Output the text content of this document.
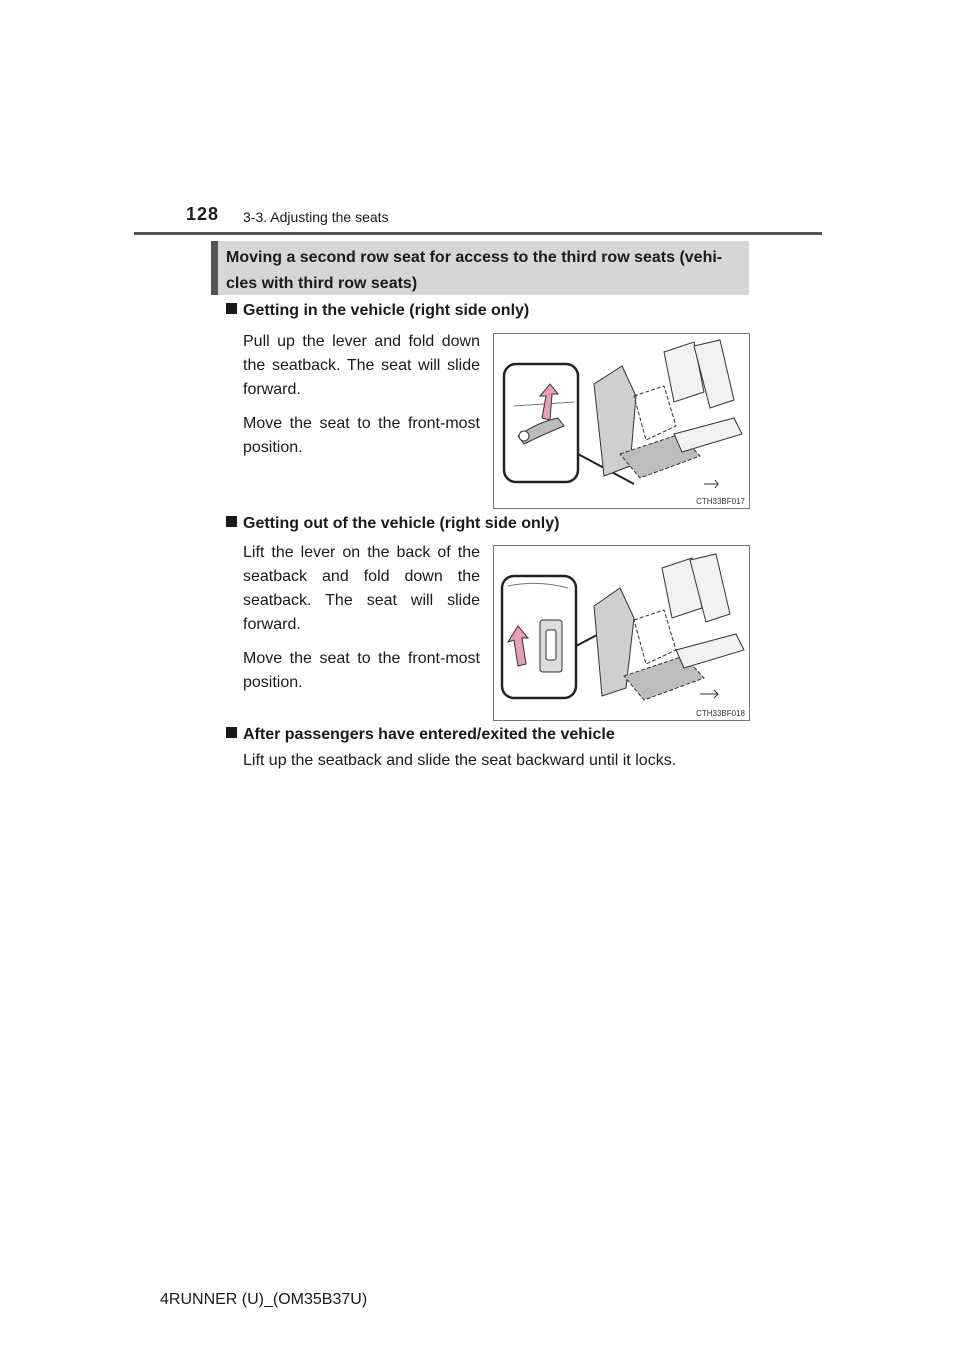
128 3-3. Adjusting the seats
Moving a second row seat for access to the third row seats (vehi-
cles with third row seats)
Getting in the vehicle (right side only)

Pull up the lever and fold down the seatback. The seat will slide forward.

Move the seat to the front-most position.

CTH33BF017
Getting out of the vehicle (right side only)

Lift the lever on the back of the seatback and fold down the seatback. The seat will slide forward.

Move the seat to the front-most position.

CTH33BF018
After passengers have entered/exited the vehicle
Lift up the seatback and slide the seat backward until it locks.
4RUNNER (U)_(OM35B37U)
